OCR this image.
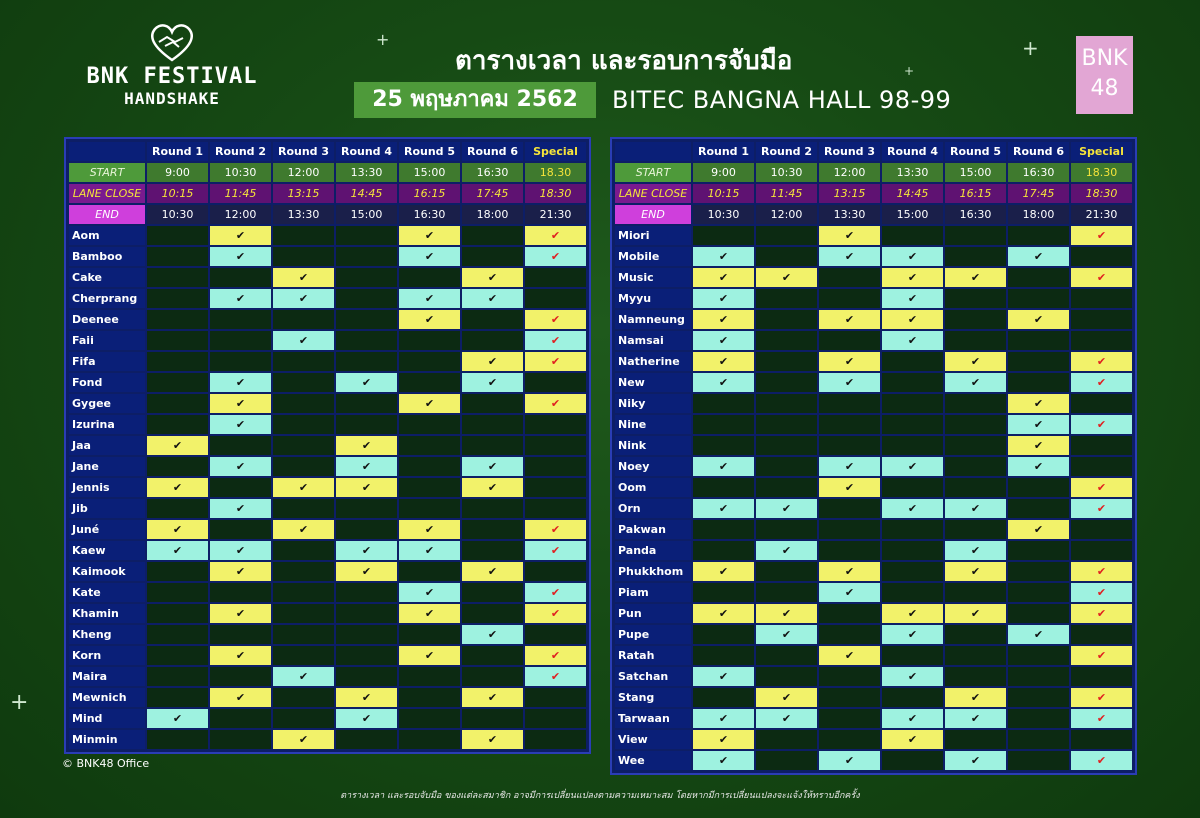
+	+
+
+
BNK FESTIVAL
HANDSHAKE
ตารางเวลา และรอบการจับมือ
25 พฤษภาคม 2562	BITEC BANGNA HALL 98-99
BNK 48
	Round 1	Round 2	Round 3	Round 4	Round 5	Round 6	Special
START	9:00	10:30	12:00	13:30	15:00	16:30	18.30
LANE CLOSE	10:15	11:45	13:15	14:45	16:15	17:45	18:30
END	10:30	12:00	13:30	15:00	16:30	18:00	21:30
Aom		✔			✔		✔
Bamboo		✔			✔		✔
Cake			✔			✔	
Cherprang		✔	✔		✔	✔	
Deenee					✔		✔
Faii			✔				✔
Fifa						✔	✔
Fond		✔		✔		✔	
Gygee		✔			✔		✔
Izurina		✔					
Jaa	✔			✔			
Jane		✔		✔		✔	
Jennis	✔		✔	✔		✔	
Jib		✔					
Juné	✔		✔		✔		✔
Kaew	✔	✔		✔	✔		✔
Kaimook		✔		✔		✔	
Kate					✔		✔
Khamin		✔			✔		✔
Kheng						✔	
Korn		✔			✔		✔
Maira			✔				✔
Mewnich		✔		✔		✔	
Mind	✔			✔			
Minmin			✔			✔	
	Round 1	Round 2	Round 3	Round 4	Round 5	Round 6	Special
START	9:00	10:30	12:00	13:30	15:00	16:30	18.30
LANE CLOSE	10:15	11:45	13:15	14:45	16:15	17:45	18:30
END	10:30	12:00	13:30	15:00	16:30	18:00	21:30
Miori			✔				✔
Mobile	✔		✔	✔		✔	
Music	✔	✔		✔	✔		✔
Myyu	✔			✔			
Namneung	✔		✔	✔		✔	
Namsai	✔			✔			
Natherine	✔		✔		✔		✔
New	✔		✔		✔		✔
Niky						✔	
Nine						✔	✔
Nink						✔	
Noey	✔		✔	✔		✔	
Oom			✔				✔
Orn	✔	✔		✔	✔		✔
Pakwan						✔	
Panda		✔			✔		
Phukkhom	✔		✔		✔		✔
Piam			✔				✔
Pun	✔	✔		✔	✔		✔
Pupe		✔		✔		✔	
Ratah			✔				✔
Satchan	✔			✔			
Stang		✔			✔		✔
Tarwaan	✔	✔		✔	✔		✔
View	✔			✔			
Wee	✔		✔		✔		✔
© BNK48 Office
ตารางเวลา และรอบจับมือ ของแต่ละสมาชิก อาจมีการเปลี่ยนแปลงตามความเหมาะสม โดยหากมีการเปลี่ยนแปลงจะแจ้งให้ทราบอีกครั้ง
